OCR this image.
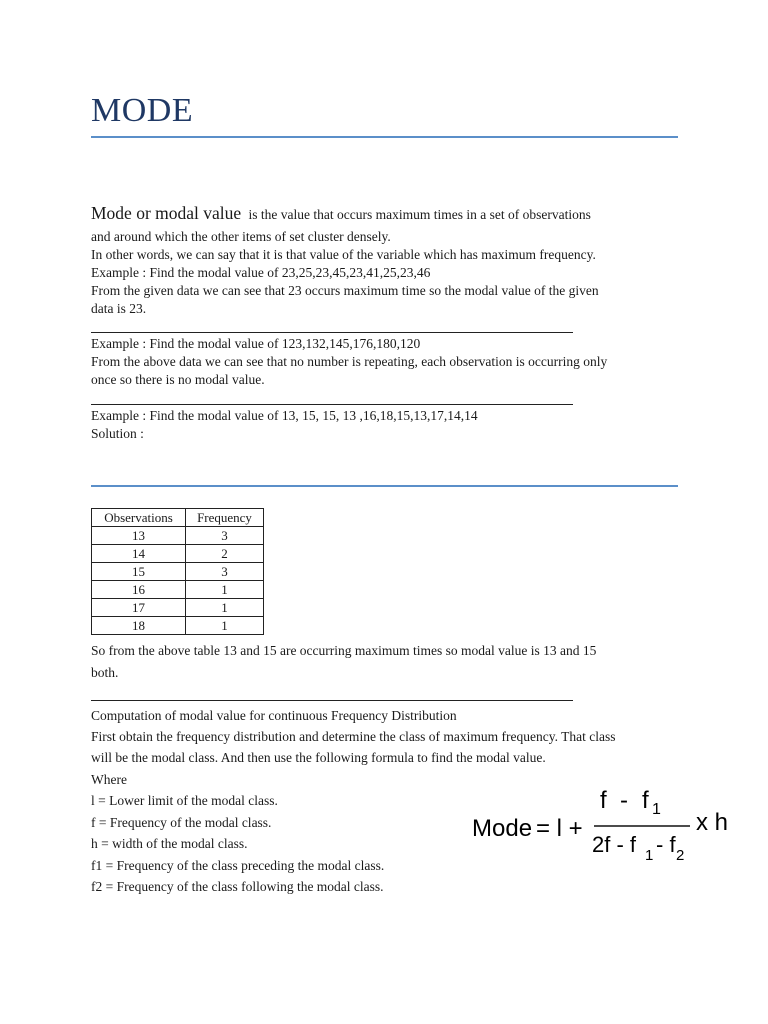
MODE
Mode or modal value is the value that occurs maximum times in a set of observations
and around which the other items of set cluster densely.
In other words, we can say that it is that value of the variable which has maximum frequency.
Example : Find the modal value of 23,25,23,45,23,41,25,23,46
From the given data we can see that 23 occurs maximum time so the modal value of the given
data is 23.
Example : Find the modal value of 123,132,145,176,180,120
From the above data we can see that no number is repeating, each observation is occurring only
once so there is no modal value.
Example : Find the modal value of 13, 15, 15, 13 ,16,18,15,13,17,14,14
Solution :
Observations	Frequency
13	3
14	2
15	3
16	1
17	1
18	1
So from the above table 13 and 15 are occurring maximum times so modal value is 13 and 15
both.
Computation of modal value for continuous Frequency Distribution
First obtain the frequency distribution and determine the class of maximum frequency. That class
will be the modal class. And then use the following formula to find the modal value.
Where
l = Lower limit of the modal class.
f = Frequency of the modal class.
h = width of the modal class.
f1 = Frequency of the class preceding the modal class.
f2 = Frequency of the class following the modal class.
Mode = l +
f - f 1
2f - f 1 - f 2
x h
